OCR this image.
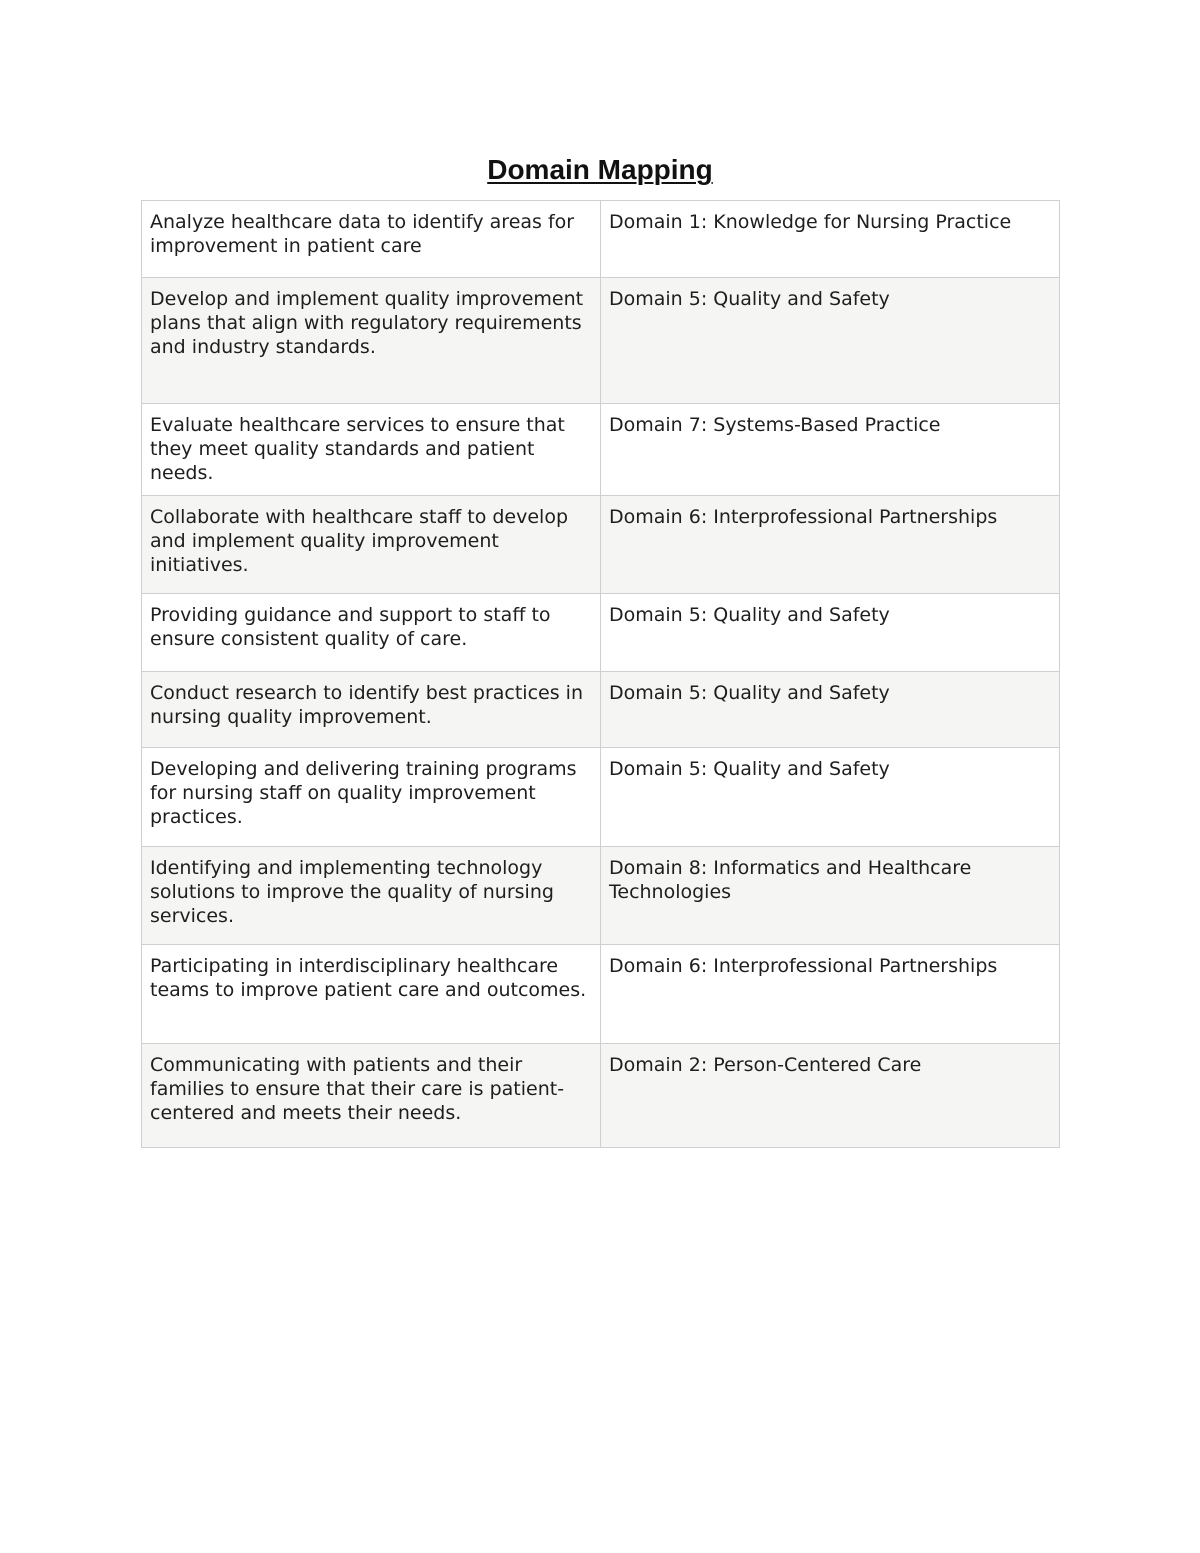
Domain Mapping
Analyze healthcare data to identify areas for improvement in patient care	Domain 1: Knowledge for Nursing Practice
Develop and implement quality improvement plans that align with regulatory requirements and industry standards.	Domain 5: Quality and Safety
Evaluate healthcare services to ensure that they meet quality standards and patient needs.	Domain 7: Systems-Based Practice
Collaborate with healthcare staff to develop and implement quality improvement initiatives.	Domain 6: Interprofessional Partnerships
Providing guidance and support to staff to ensure consistent quality of care.	Domain 5: Quality and Safety
Conduct research to identify best practices in nursing quality improvement.	Domain 5: Quality and Safety
Developing and delivering training programs for nursing staff on quality improvement practices.	Domain 5: Quality and Safety
Identifying and implementing technology solutions to improve the quality of nursing services.	Domain 8: Informatics and Healthcare Technologies
Participating in interdisciplinary healthcare teams to improve patient care and outcomes.	Domain 6: Interprofessional Partnerships
Communicating with patients and their families to ensure that their care is patient-centered and meets their needs.	Domain 2: Person-Centered Care
